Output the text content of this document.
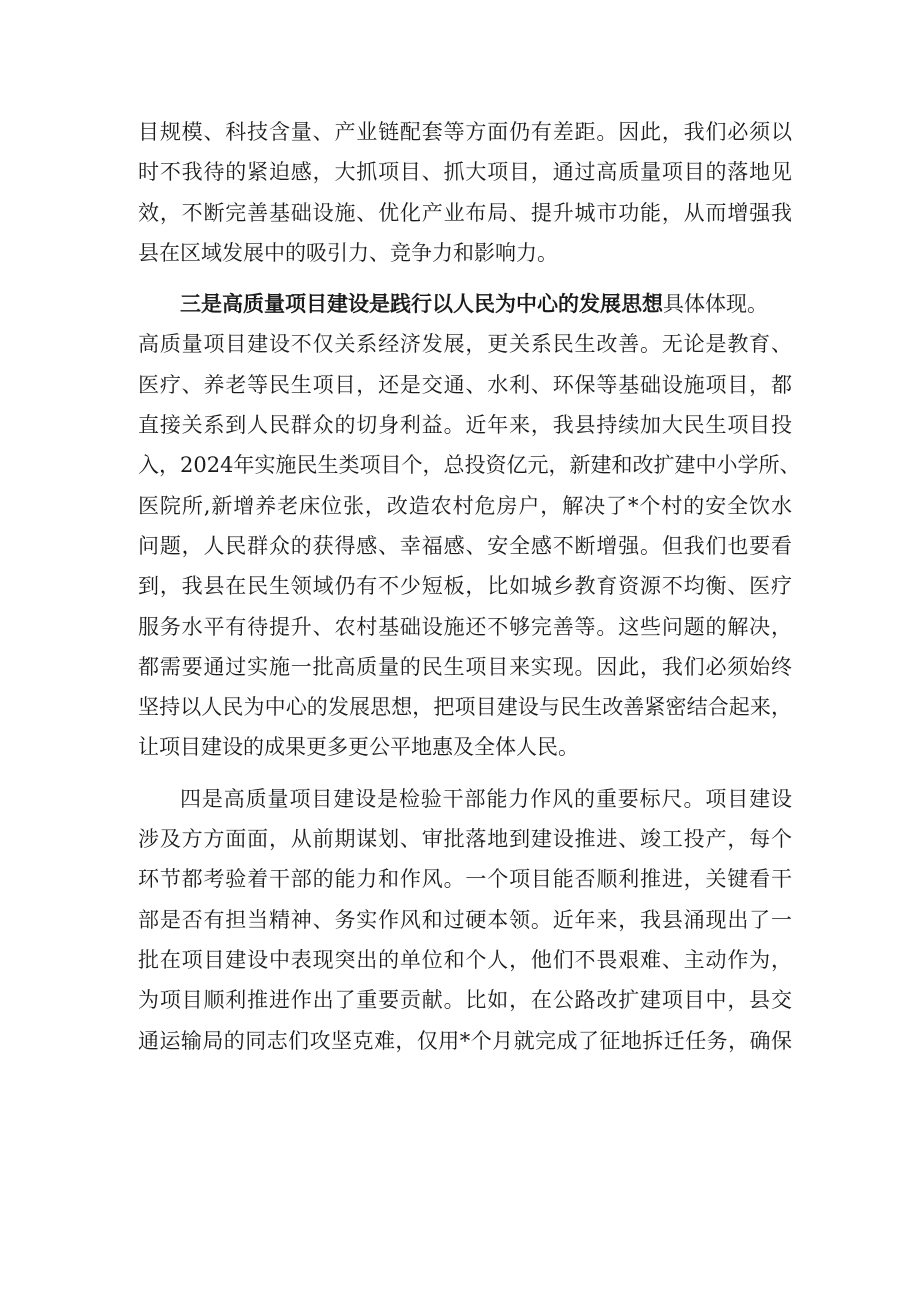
目规模、科技含量、产业链配套等方面仍有差距。因此，我们必须以
时不我待的紧迫感，大抓项目、抓大项目，通过高质量项目的落地见
效，不断完善基础设施、优化产业布局、提升城市功能，从而增强我
县在区域发展中的吸引力、竞争力和影响力。
三是高质量项目建设是践行以人民为中心的发展思想具体体现。
高质量项目建设不仅关系经济发展，更关系民生改善。无论是教育、
医疗、养老等民生项目，还是交通、水利、环保等基础设施项目，都
直接关系到人民群众的切身利益。近年来，我县持续加大民生项目投
入，2024年实施民生类项目个，总投资亿元，新建和改扩建中小学所、
医院所,新增养老床位张，改造农村危房户，解决了*个村的安全饮水
问题，人民群众的获得感、幸福感、安全感不断增强。但我们也要看
到，我县在民生领域仍有不少短板，比如城乡教育资源不均衡、医疗
服务水平有待提升、农村基础设施还不够完善等。这些问题的解决，
都需要通过实施一批高质量的民生项目来实现。因此，我们必须始终
坚持以人民为中心的发展思想，把项目建设与民生改善紧密结合起来，
让项目建设的成果更多更公平地惠及全体人民。
四是高质量项目建设是检验干部能力作风的重要标尺。项目建设
涉及方方面面，从前期谋划、审批落地到建设推进、竣工投产，每个
环节都考验着干部的能力和作风。一个项目能否顺利推进，关键看干
部是否有担当精神、务实作风和过硬本领。近年来，我县涌现出了一
批在项目建设中表现突出的单位和个人，他们不畏艰难、主动作为，
为项目顺利推进作出了重要贡献。比如，在公路改扩建项目中，县交
通运输局的同志们攻坚克难，仅用*个月就完成了征地拆迁任务，确保
